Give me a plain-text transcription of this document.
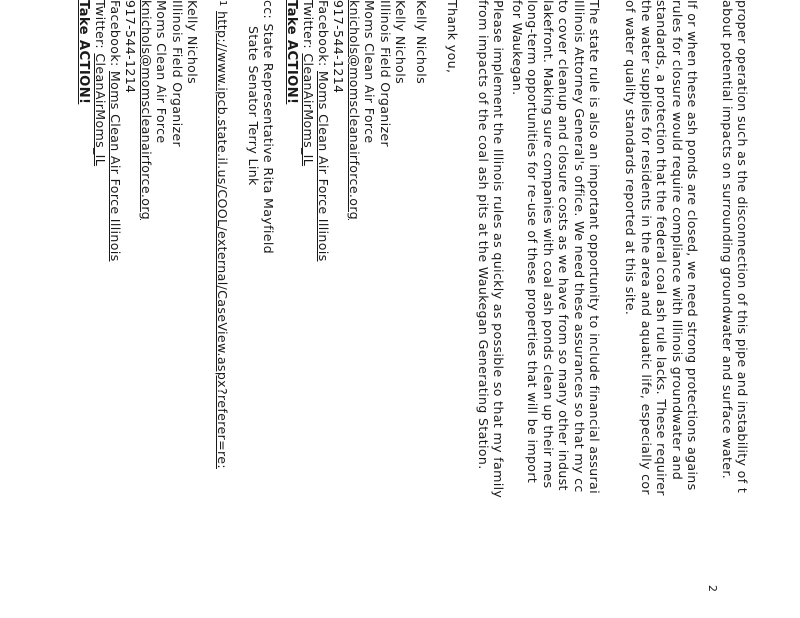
proper operation such as the disconnection of this pipe and instability of t
about potential impacts on surrounding groundwater and surface water.
If or when these ash ponds are closed, we need strong protections agains
rules for closure would require compliance with Illinois groundwater and
standards, a protection that the federal coal ash rule lacks. These requirer
the water supplies for residents in the area and aquatic life, especially cor
of water quality standards reported at this site.
The state rule is also an important opportunity to include financial assurai
Illinois Attorney General's office. We need these assurances so that my cc
to cover cleanup and closure costs as we have from so many other indust
lakefront. Making sure companies with coal ash ponds clean up their mes
long-term opportunities for re-use of these properties that will be import
for Waukegan.
Please implement the Illinois rules as quickly as possible so that my family
from impacts of the coal ash pits at the Waukegan Generating Station.
Thank you,
Kelly Nichols
Kelly Nichols
Illinois Field Organizer
Moms Clean Air Force
knichols@momscleanairforce.org
917-544-1214
Facebook: Moms Clean Air Force Illinois
Twitter: CleanAirMoms_IL
Take ACTION!
cc: State Representative Rita Mayfield
State Senator Terry Link
$^1$ http://www.ipcb.state.il.us/COOL/external/CaseView.aspx?referer=re:
Kelly Nichols
Illinois Field Organizer
Moms Clean Air Force
knichols@momscleanairforce.org
917-544-1214
Facebook: Moms Clean Air Force Illinois
Twitter: CleanAirMoms_IL
Take ACTION!
2
